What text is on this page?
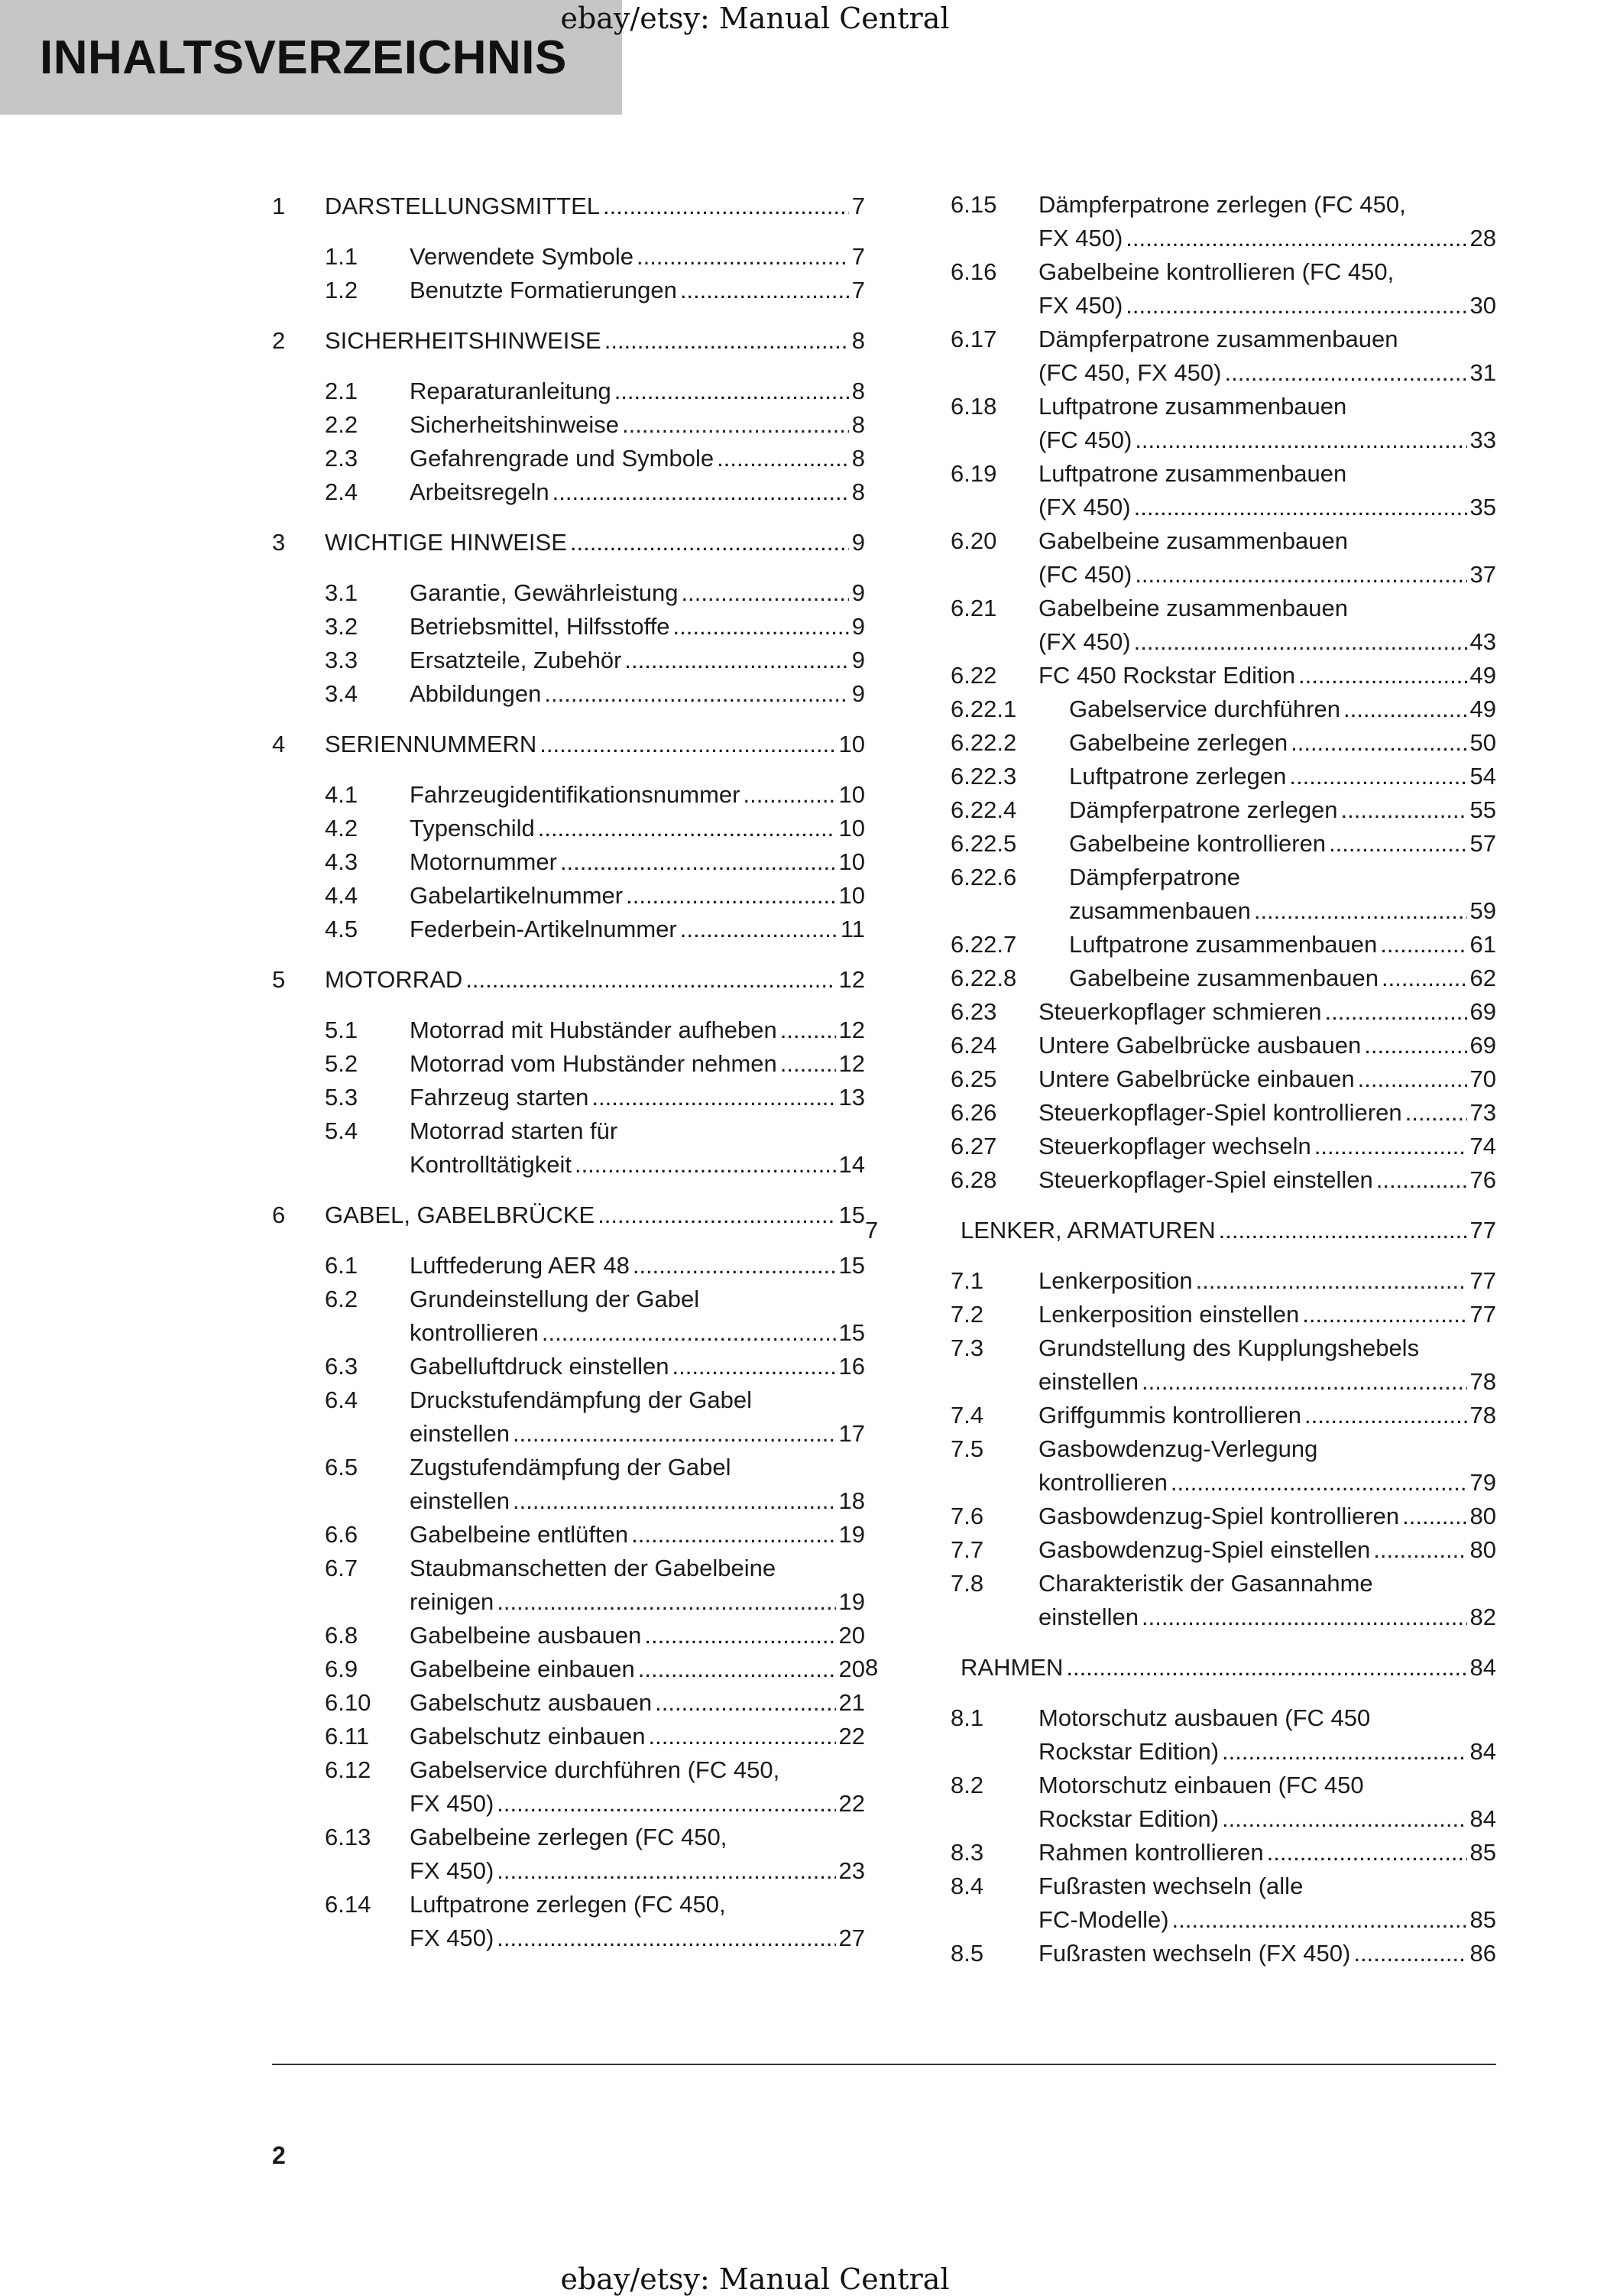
INHALTSVERZEICHNIS
ebay/etsy: Manual Central
1 DARSTELLUNGSMITTEL .....	7
1.1 Verwendete Symbole .....	7
1.2 Benutzte Formatierungen .....	7
2 SICHERHEITSHINWEISE .....	8
2.1 Reparaturanleitung .....	8
2.2 Sicherheitshinweise .....	8
2.3 Gefahrengrade und Symbole .....	8
2.4 Arbeitsregeln .....	8
3 WICHTIGE HINWEISE .....	9
3.1 Garantie, Gewährleistung .....	9
3.2 Betriebsmittel, Hilfsstoffe .....	9
3.3 Ersatzteile, Zubehör .....	9
3.4 Abbildungen .....	9
4 SERIENNUMMERN .....	10
4.1 Fahrzeugidentifikationsnummer .....	10
4.2 Typenschild .....	10
4.3 Motornummer .....	10
4.4 Gabelartikelnummer .....	10
4.5 Federbein-Artikelnummer .....	11
5 MOTORRAD .....	12
5.1 Motorrad mit Hubständer aufheben .....	12
5.2 Motorrad vom Hubständer nehmen .....	12
5.3 Fahrzeug starten .....	13
5.4 Motorrad starten für
Kontrolltätigkeit .....	14
6 GABEL, GABELBRÜCKE .....	15
6.1 Luftfederung AER 48 .....	15
6.2 Grundeinstellung der Gabel
kontrollieren .....	15
6.3 Gabelluftdruck einstellen .....	16
6.4 Druckstufendämpfung der Gabel
einstellen .....	17
6.5 Zugstufendämpfung der Gabel
einstellen .....	18
6.6 Gabelbeine entlüften .....	19
6.7 Staubmanschetten der Gabelbeine
reinigen .....	19
6.8 Gabelbeine ausbauen .....	20
6.9 Gabelbeine einbauen .....	20
6.10 Gabelschutz ausbauen .....	21
6.11 Gabelschutz einbauen .....	22
6.12 Gabelservice durchführen (FC 450,
FX 450) .....	22
6.13 Gabelbeine zerlegen (FC 450,
FX 450) .....	23
6.14 Luftpatrone zerlegen (FC 450,
FX 450) .....	27
6.15 Dämpferpatrone zerlegen (FC 450,
FX 450) .....	28
6.16 Gabelbeine kontrollieren (FC 450,
FX 450) .....	30
6.17 Dämpferpatrone zusammenbauen
(FC 450, FX 450) .....	31
6.18 Luftpatrone zusammenbauen
(FC 450) .....	33
6.19 Luftpatrone zusammenbauen
(FX 450) .....	35
6.20 Gabelbeine zusammenbauen
(FC 450) .....	37
6.21 Gabelbeine zusammenbauen
(FX 450) .....	43
6.22 FC 450 Rockstar Edition .....	49
6.22.1 Gabelservice durchführen .....	49
6.22.2 Gabelbeine zerlegen .....	50
6.22.3 Luftpatrone zerlegen .....	54
6.22.4 Dämpferpatrone zerlegen .....	55
6.22.5 Gabelbeine kontrollieren .....	57
6.22.6 Dämpferpatrone
zusammenbauen .....	59
6.22.7 Luftpatrone zusammenbauen .....	61
6.22.8 Gabelbeine zusammenbauen .....	62
6.23 Steuerkopflager schmieren .....	69
6.24 Untere Gabelbrücke ausbauen .....	69
6.25 Untere Gabelbrücke einbauen .....	70
6.26 Steuerkopflager-Spiel kontrollieren .....	73
6.27 Steuerkopflager wechseln .....	74
6.28 Steuerkopflager-Spiel einstellen .....	76
7	LENKER, ARMATUREN .....	77
7.1 Lenkerposition .....	77
7.2 Lenkerposition einstellen .....	77
7.3 Grundstellung des Kupplungshebels
einstellen .....	78
7.4 Griffgummis kontrollieren .....	78
7.5 Gasbowdenzug-Verlegung
kontrollieren .....	79
7.6 Gasbowdenzug-Spiel kontrollieren .....	80
7.7 Gasbowdenzug-Spiel einstellen .....	80
7.8 Charakteristik der Gasannahme
einstellen .....	82
8	RAHMEN .....	84
8.1 Motorschutz ausbauen (FC 450
Rockstar Edition) .....	84
8.2 Motorschutz einbauen (FC 450
Rockstar Edition) .....	84
8.3 Rahmen kontrollieren .....	85
8.4 Fußrasten wechseln (alle
FC-Modelle) .....	85
8.5 Fußrasten wechseln (FX 450) .....	86
2
ebay/etsy: Manual Central
